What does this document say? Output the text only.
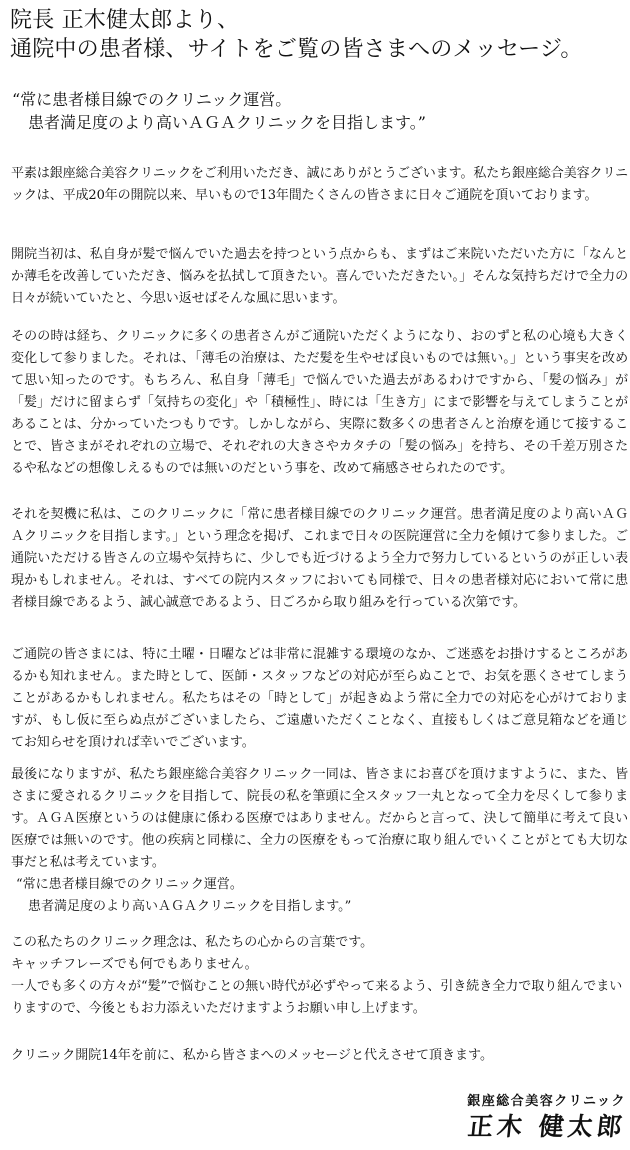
院長 正木健太郎より、
通院中の患者様、サイトをご覧の皆さまへのメッセージ。
“常に患者様目線でのクリニック運営。
患者満足度のより高いＡＧＡクリニックを目指します。”

平素は銀座総合美容クリニックをご利用いただき、誠にありがとうございます。私たち銀座総合美容クリニックは、平成20年の開院以来、早いもので13年間たくさんの皆さまに日々ご通院を頂いております。

開院当初は、私自身が髪で悩んでいた過去を持つという点からも、まずはご来院いただいた方に「なんとか薄毛を改善していただき、悩みを払拭して頂きたい。喜んでいただきたい。」そんな気持ちだけで全力の日々が続いていたと、今思い返せばそんな風に思います。

そのの時は経ち、クリニックに多くの患者さんがご通院いただくようになり、おのずと私の心境も大きく変化して参りました。それは、「薄毛の治療は、ただ髪を生やせば良いものでは無い。」という事実を改めて思い知ったのです。もちろん、私自身「薄毛」で悩んでいた過去があるわけですから、「髪の悩み」が「髪」だけに留まらず「気持ちの変化」や「積極性」、時には「生き方」にまで影響を与えてしまうことがあることは、分かっていたつもりです。しかしながら、実際に数多くの患者さんと治療を通じて接することで、皆さまがそれぞれの立場で、それぞれの大きさやカタチの「髪の悩み」を持ち、その千差万別さたるや私などの想像しえるものでは無いのだという事を、改めて痛感させられたのです。

それを契機に私は、このクリニックに「常に患者様目線でのクリニック運営。患者満足度のより高いＡＧＡクリニックを目指します。」という理念を掲げ、これまで日々の医院運営に全力を傾けて参りました。ご通院いただける皆さんの立場や気持ちに、少しでも近づけるよう全力で努力しているというのが正しい表現かもしれません。それは、すべての院内スタッフにおいても同様で、日々の患者様対応において常に患者様目線であるよう、誠心誠意であるよう、日ごろから取り組みを行っている次第です。

ご通院の皆さまには、特に土曜・日曜などは非常に混雑する環境のなか、ご迷惑をお掛けするところがあるかも知れません。また時として、医師・スタッフなどの対応が至らぬことで、お気を悪くさせてしまうことがあるかもしれません。私たちはその「時として」が起きぬよう常に全力での対応を心がけておりますが、もし仮に至らぬ点がございましたら、ご遠慮いただくことなく、直接もしくはご意見箱などを通じてお知らせを頂ければ幸いでございます。

最後になりますが、私たち銀座総合美容クリニック一同は、皆さまにお喜びを頂けますように、また、皆さまに愛されるクリニックを目指して、院長の私を筆頭に全スタッフ一丸となって全力を尽くして参ります。ＡＧＡ医療というのは健康に係わる医療ではありません。だからと言って、決して簡単に考えて良い医療では無いのです。他の疾病と同様に、全力の医療をもって治療に取り組んでいくことがとても大切な事だと私は考えています。

“常に患者様目線でのクリニック運営。
患者満足度のより高いＡＧＡクリニックを目指します。”
この私たちのクリニック理念は、私たちの心からの言葉です。
キャッチフレーズでも何でもありません。
一人でも多くの方々が“髪”で悩むことの無い時代が必ずやって来るよう、引き続き全力で取り組んでまいりますので、今後ともお力添えいただけますようお願い申し上げます。

クリニック開院14年を前に、私から皆さまへのメッセージと代えさせて頂きます。

銀座総合美容クリニック
正木 健太郎
